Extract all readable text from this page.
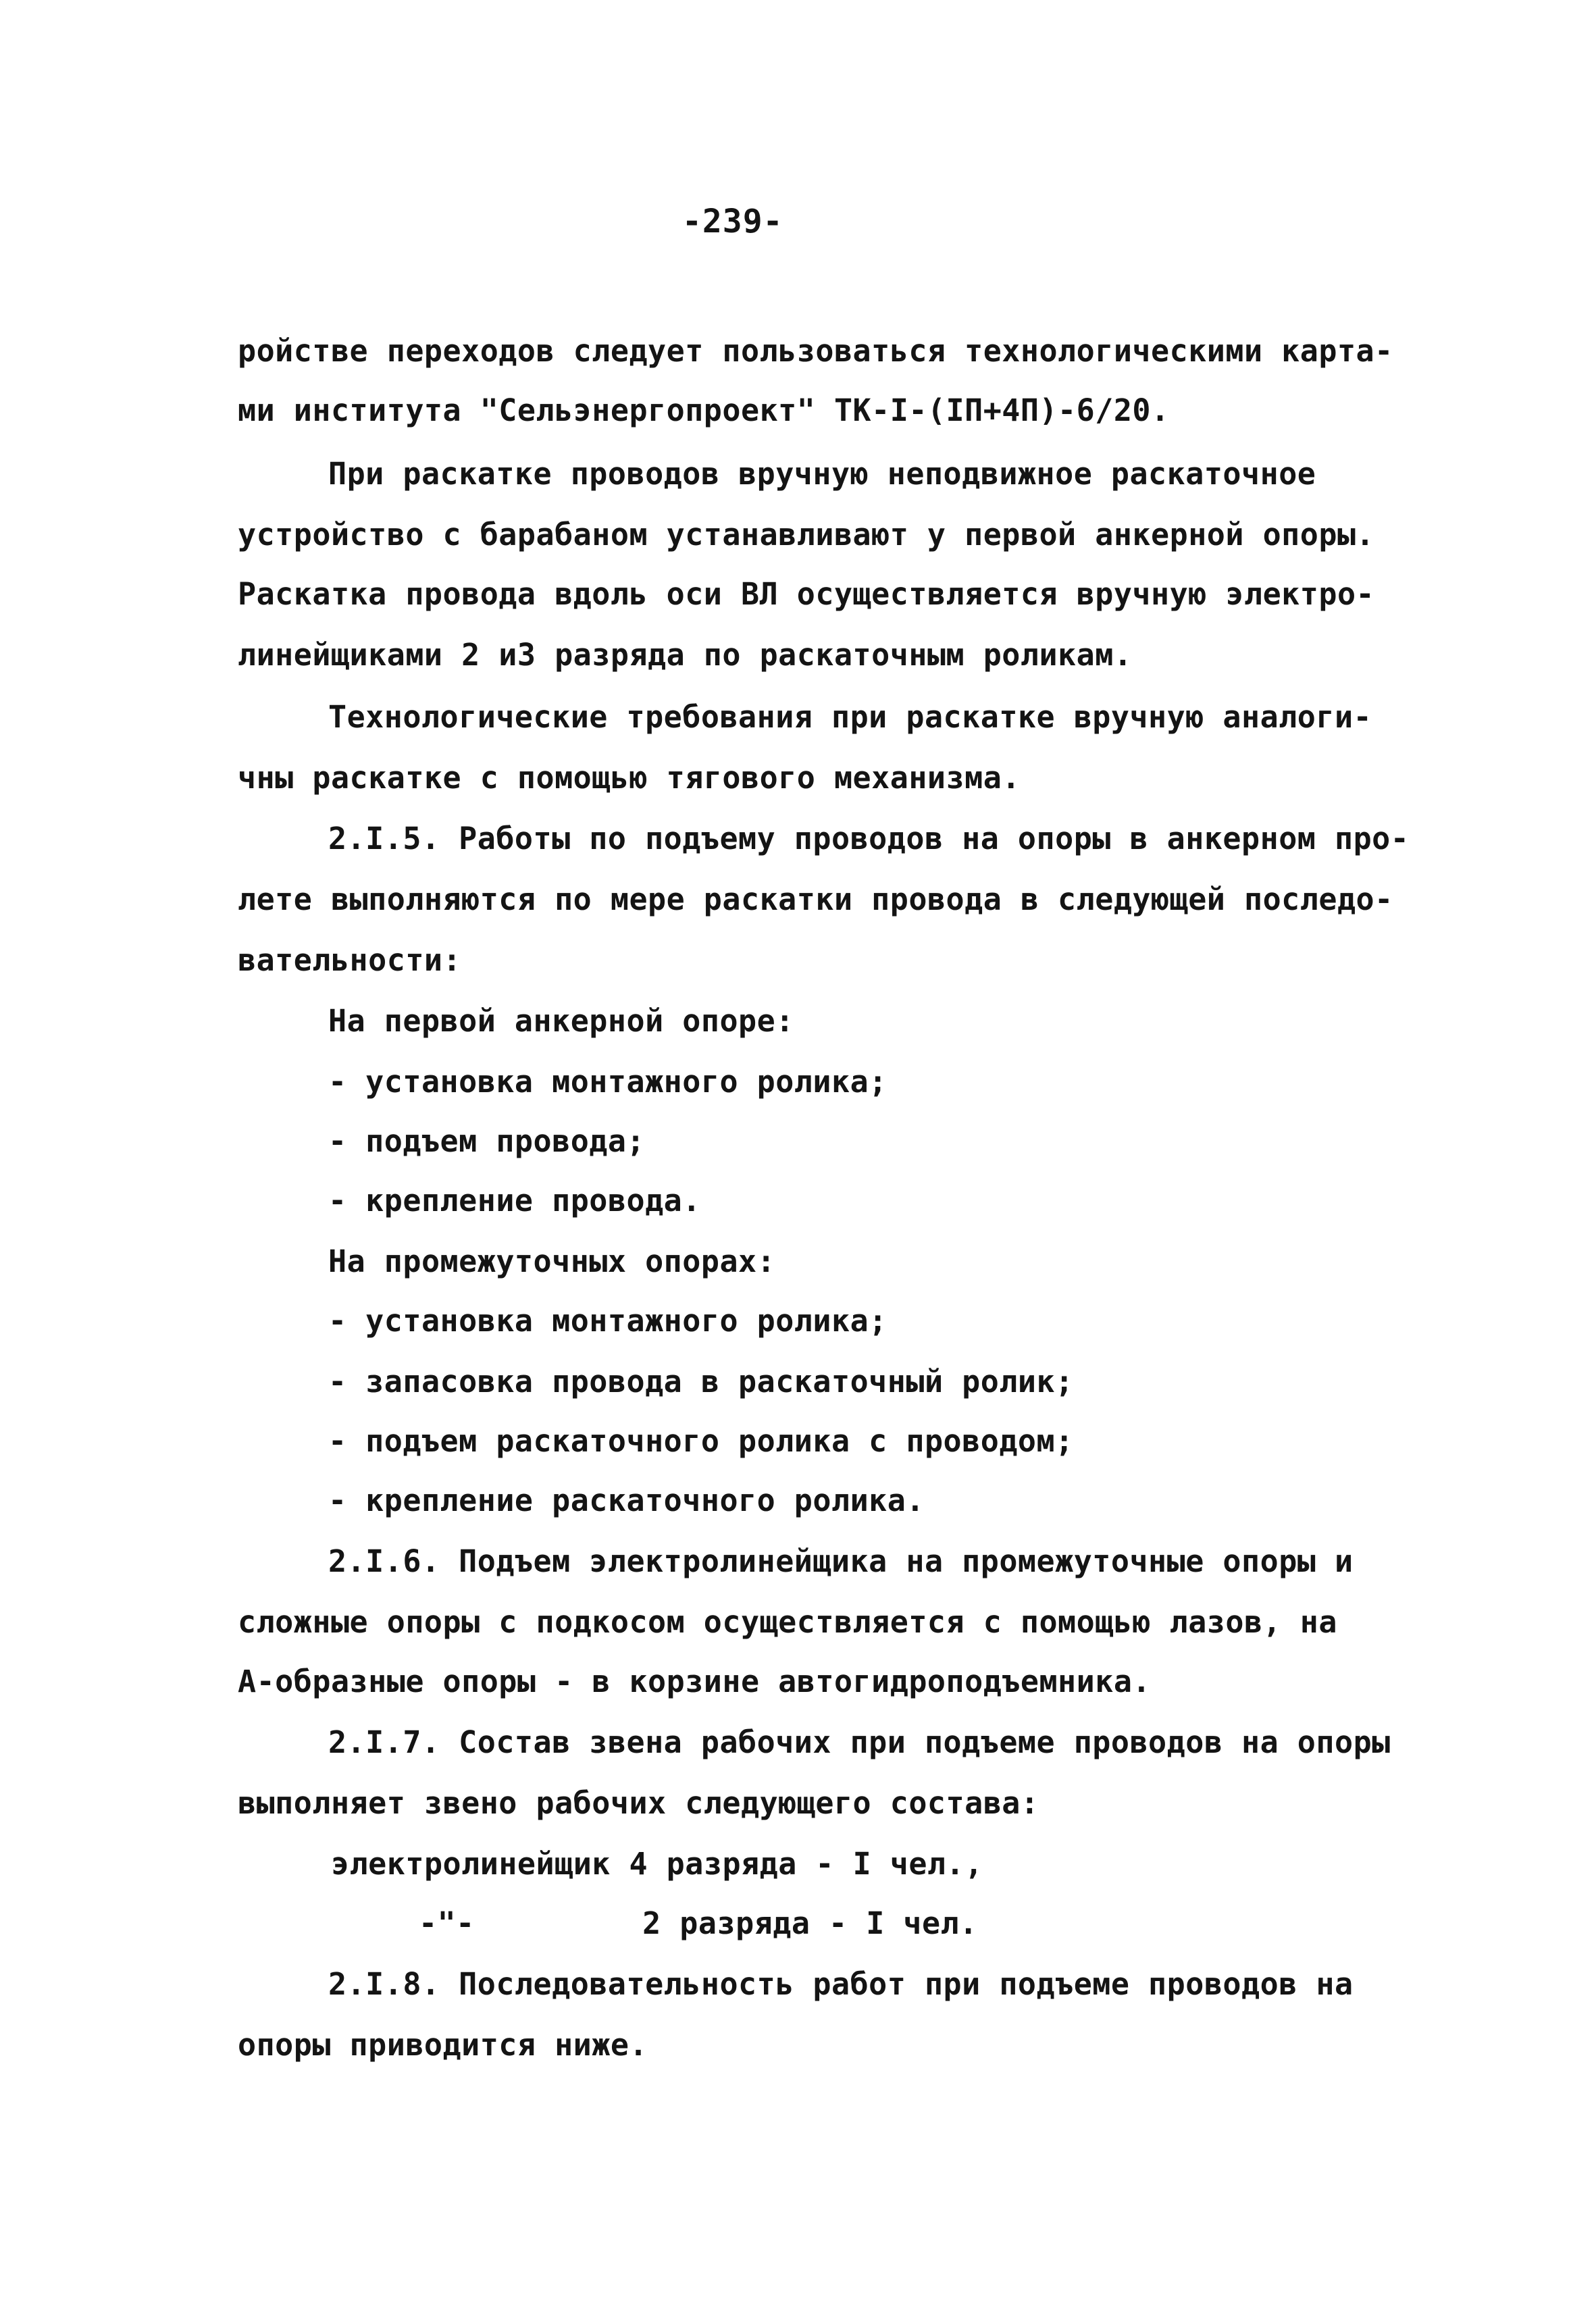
-239-
ройстве переходов следует пользоваться технологическими карта-
ми института "Сельэнергопроект" ТК-I-(IП+4П)-6/20.
При раскатке проводов вручную неподвижное раскаточное
устройство с барабаном устанавливают у первой анкерной опоры.
Раскатка провода вдоль оси ВЛ осуществляется вручную электро-
линейщиками 2 и3 разряда по раскаточным роликам.
Технологические требования при раскатке вручную аналоги-
чны раскатке с помощью тягового механизма.
2.I.5. Работы по подъему проводов на опоры в анкерном про-
лете выполняются по мере раскатки провода в следующей последо-
вательности:
На первой анкерной опоре:
- установка монтажного ролика;
- подъем провода;
- крепление провода.
На промежуточных опорах:
- установка монтажного ролика;
- запасовка провода в раскаточный ролик;
- подъем раскаточного ролика с проводом;
- крепление раскаточного ролика.
2.I.6. Подъем электролинейщика на промежуточные опоры и
сложные опоры с подкосом осуществляется с помощью лазов, на
А-образные опоры - в корзине автогидроподъемника.
2.I.7. Состав звена рабочих при подъеме проводов на опоры
выполняет звено рабочих следующего состава:
электролинейщик 4 разряда - I чел.,
-"-         2 разряда - I чел.
2.I.8. Последовательность работ при подъеме проводов на
опоры приводится ниже.
